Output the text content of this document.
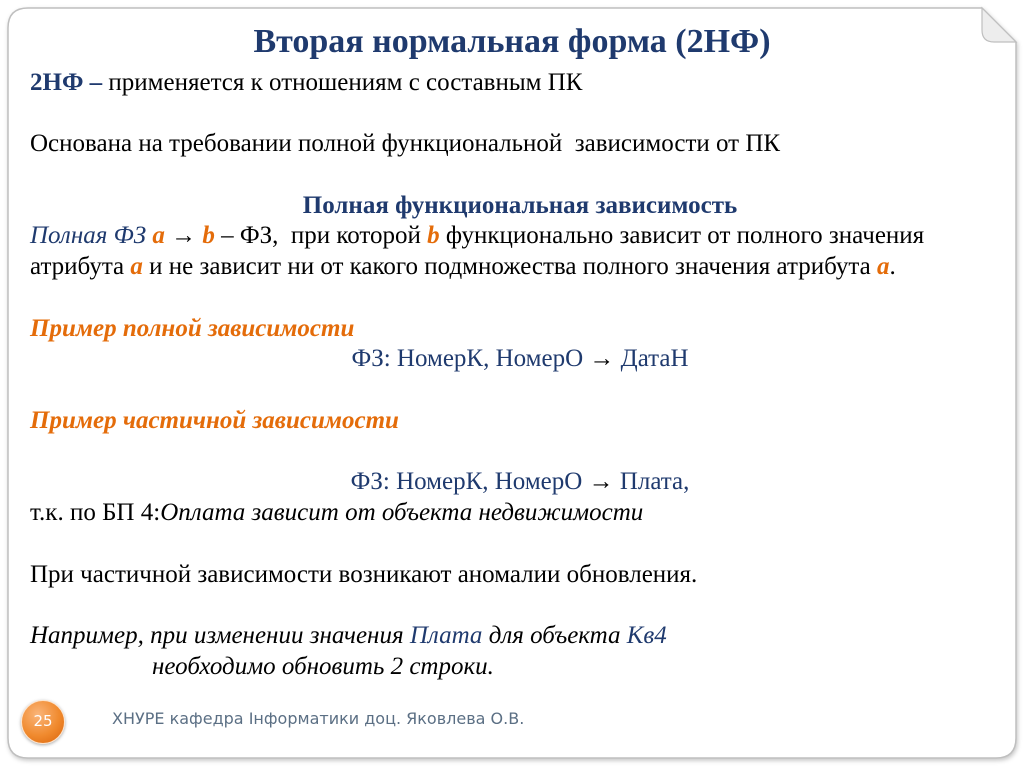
Вторая нормальная форма (2НФ)
2НФ – применяется к отношениям с составным ПК
Основана на требовании полной функциональной  зависимости от ПК
Полная функциональная зависимость
Полная ФЗ a → b – ФЗ,  при которой b функционально зависит от полного значения
атрибута a и не зависит ни от какого подмножества полного значения атрибута a.
Пример полной зависимости
ФЗ: НомерК, НомерО → ДатаН
Пример частичной зависимости
ФЗ: НомерК, НомерО → Плата,
т.к. по БП 4:Оплата зависит от объекта недвижимости
При частичной зависимости возникают аномалии обновления.
Например, при изменении значения Плата для объекта Кв4
необходимо обновить 2 строки.
25	ХНУРЕ кафедра Інформатики доц. Яковлева О.В.
